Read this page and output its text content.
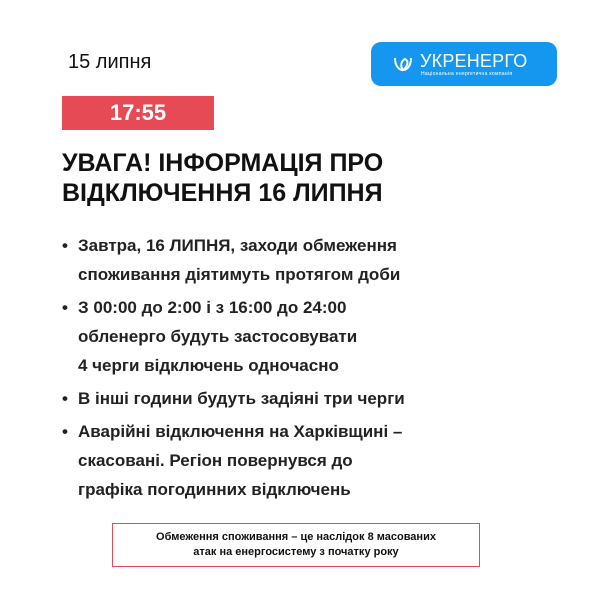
15 липня	УКРЕНЕРГО
Національна енергетична компанія
17:55
УВАГА! ІНФОРМАЦІЯ ПРО
ВІДКЛЮЧЕННЯ 16 ЛИПНЯ
• Завтра, 16 ЛИПНЯ, заходи обмеження
споживання діятимуть протягом доби
• З 00:00 до 2:00 і з 16:00 до 24:00
обленерго будуть застосовувати
4 черги відключень одночасно
• В інші години будуть задіяні три черги
• Аварійні відключення на Харківщині –
скасовані. Регіон повернувся до
графіка погодинних відключень
Обмеження споживання – це наслідок 8 масованих
атак на енергосистему з початку року
